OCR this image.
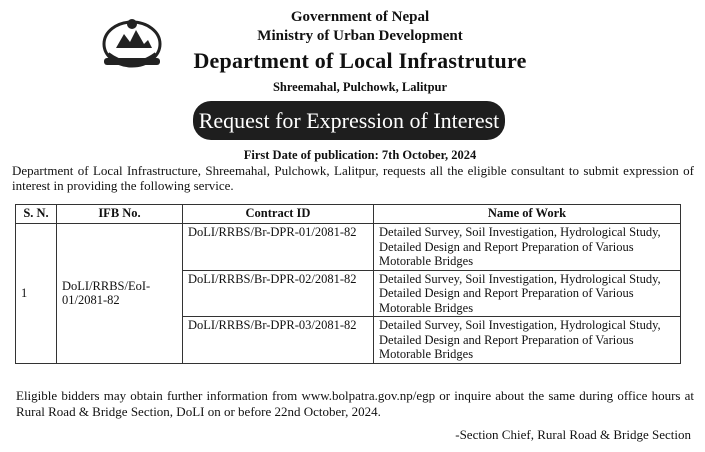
Government of Nepal
Ministry of Urban Development
Department of Local Infrastruture
Shreemahal, Pulchowk, Lalitpur
Request for Expression of Interest
First Date of publication: 7th October, 2024
Department of Local Infrastructure, Shreemahal, Pulchowk, Lalitpur, requests all the eligible consultant to submit expression of interest in providing the following service.
S. N.	IFB No.	Contract ID	Name of Work
1	DoLI/RRBS/EoI-01/2081-82	DoLI/RRBS/Br-DPR-01/2081-82	Detailed Survey, Soil Investigation, Hydrological Study, Detailed Design and Report Preparation of Various Motorable Bridges
		DoLI/RRBS/Br-DPR-02/2081-82	Detailed Survey, Soil Investigation, Hydrological Study, Detailed Design and Report Preparation of Various Motorable Bridges
		DoLI/RRBS/Br-DPR-03/2081-82	Detailed Survey, Soil Investigation, Hydrological Study, Detailed Design and Report Preparation of Various Motorable Bridges
Eligible bidders may obtain further information from www.bolpatra.gov.np/egp or inquire about the same during office hours at Rural Road & Bridge Section, DoLI on or before 22nd October, 2024.
-Section Chief, Rural Road & Bridge Section
